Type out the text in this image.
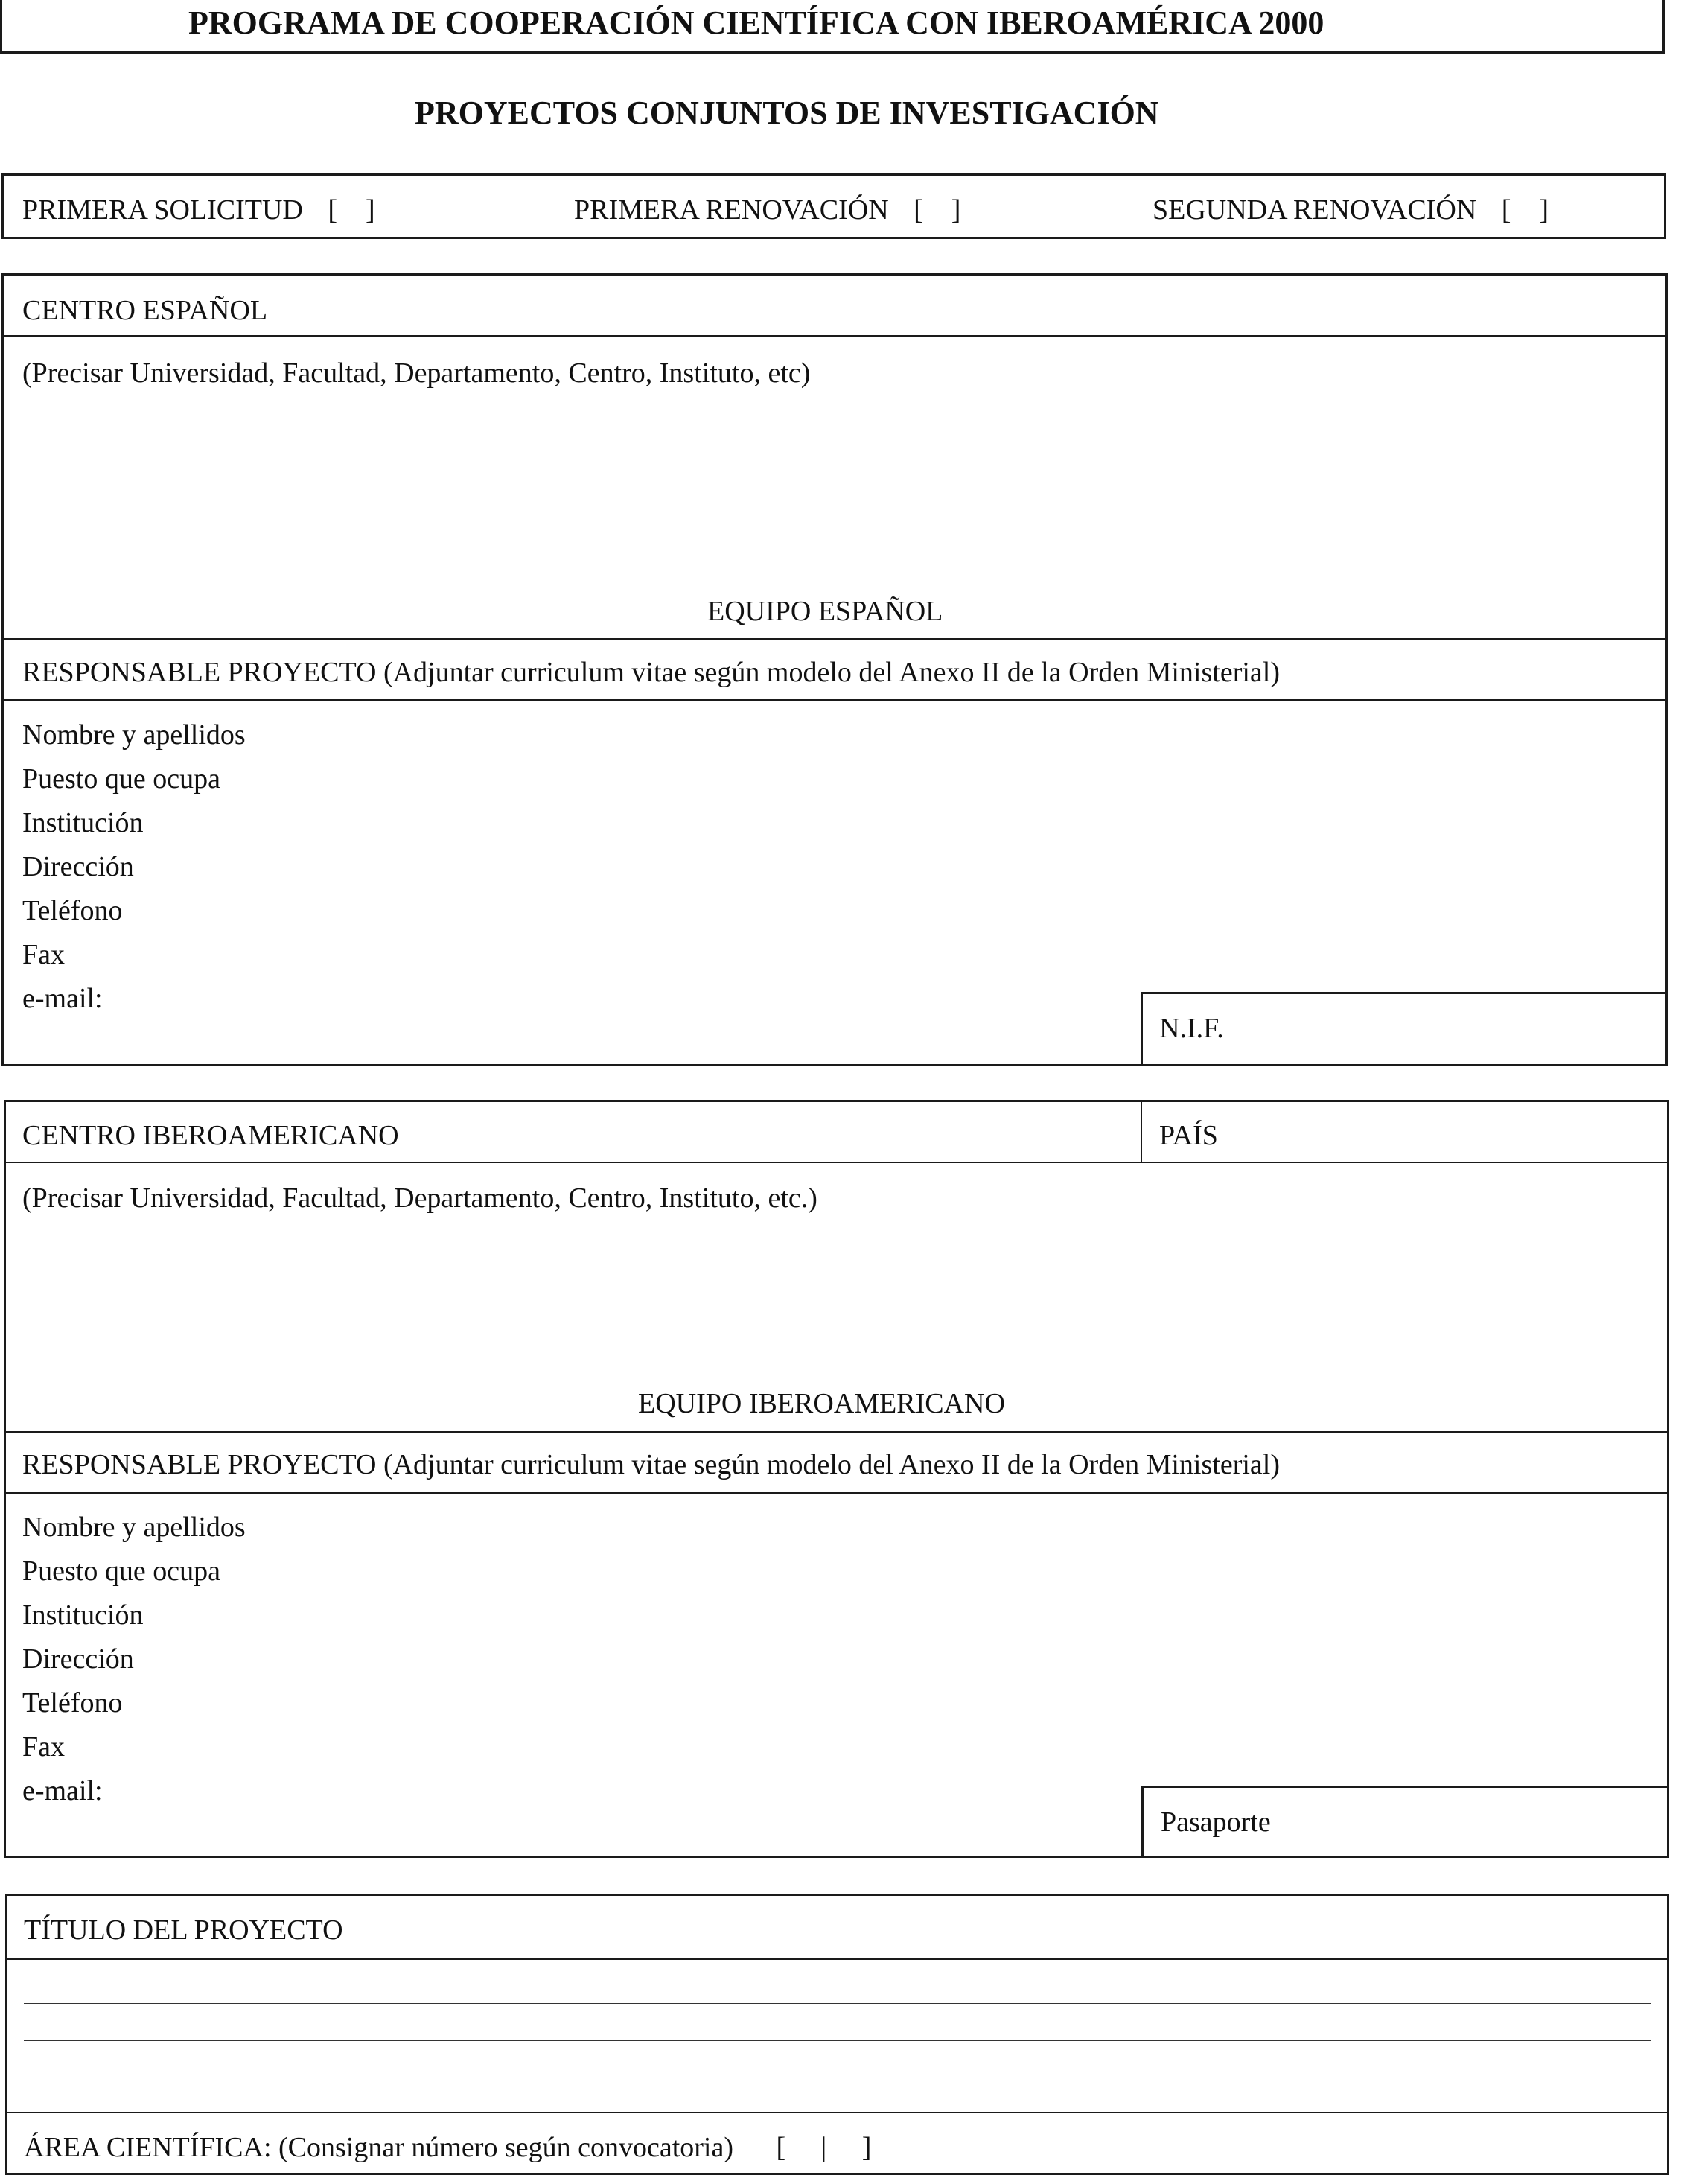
PROGRAMA DE COOPERACIÓN CIENTÍFICA CON IBEROAMÉRICA 2000
PROYECTOS CONJUNTOS DE INVESTIGACIÓN
PRIMERA SOLICITUD [    ]	PRIMERA RENOVACIÓN [    ]	SEGUNDA RENOVACIÓN [    ]
CENTRO ESPAÑOL
(Precisar Universidad, Facultad, Departamento, Centro, Instituto, etc)
EQUIPO ESPAÑOL
RESPONSABLE PROYECTO (Adjuntar curriculum vitae según modelo del Anexo II de la Orden Ministerial)
Nombre y apellidos
Puesto que ocupa
Institución
Dirección
Teléfono
Fax
e-mail:
N.I.F.
CENTRO IBEROAMERICANO	PAÍS
(Precisar Universidad, Facultad, Departamento, Centro, Instituto, etc.)
EQUIPO IBEROAMERICANO
RESPONSABLE PROYECTO (Adjuntar curriculum vitae según modelo del Anexo II de la Orden Ministerial)
Nombre y apellidos
Puesto que ocupa
Institución
Dirección
Teléfono
Fax
e-mail:
Pasaporte
TÍTULO DEL PROYECTO
ÁREA CIENTÍFICA: (Consignar número según convocatoria) [     |     ]
